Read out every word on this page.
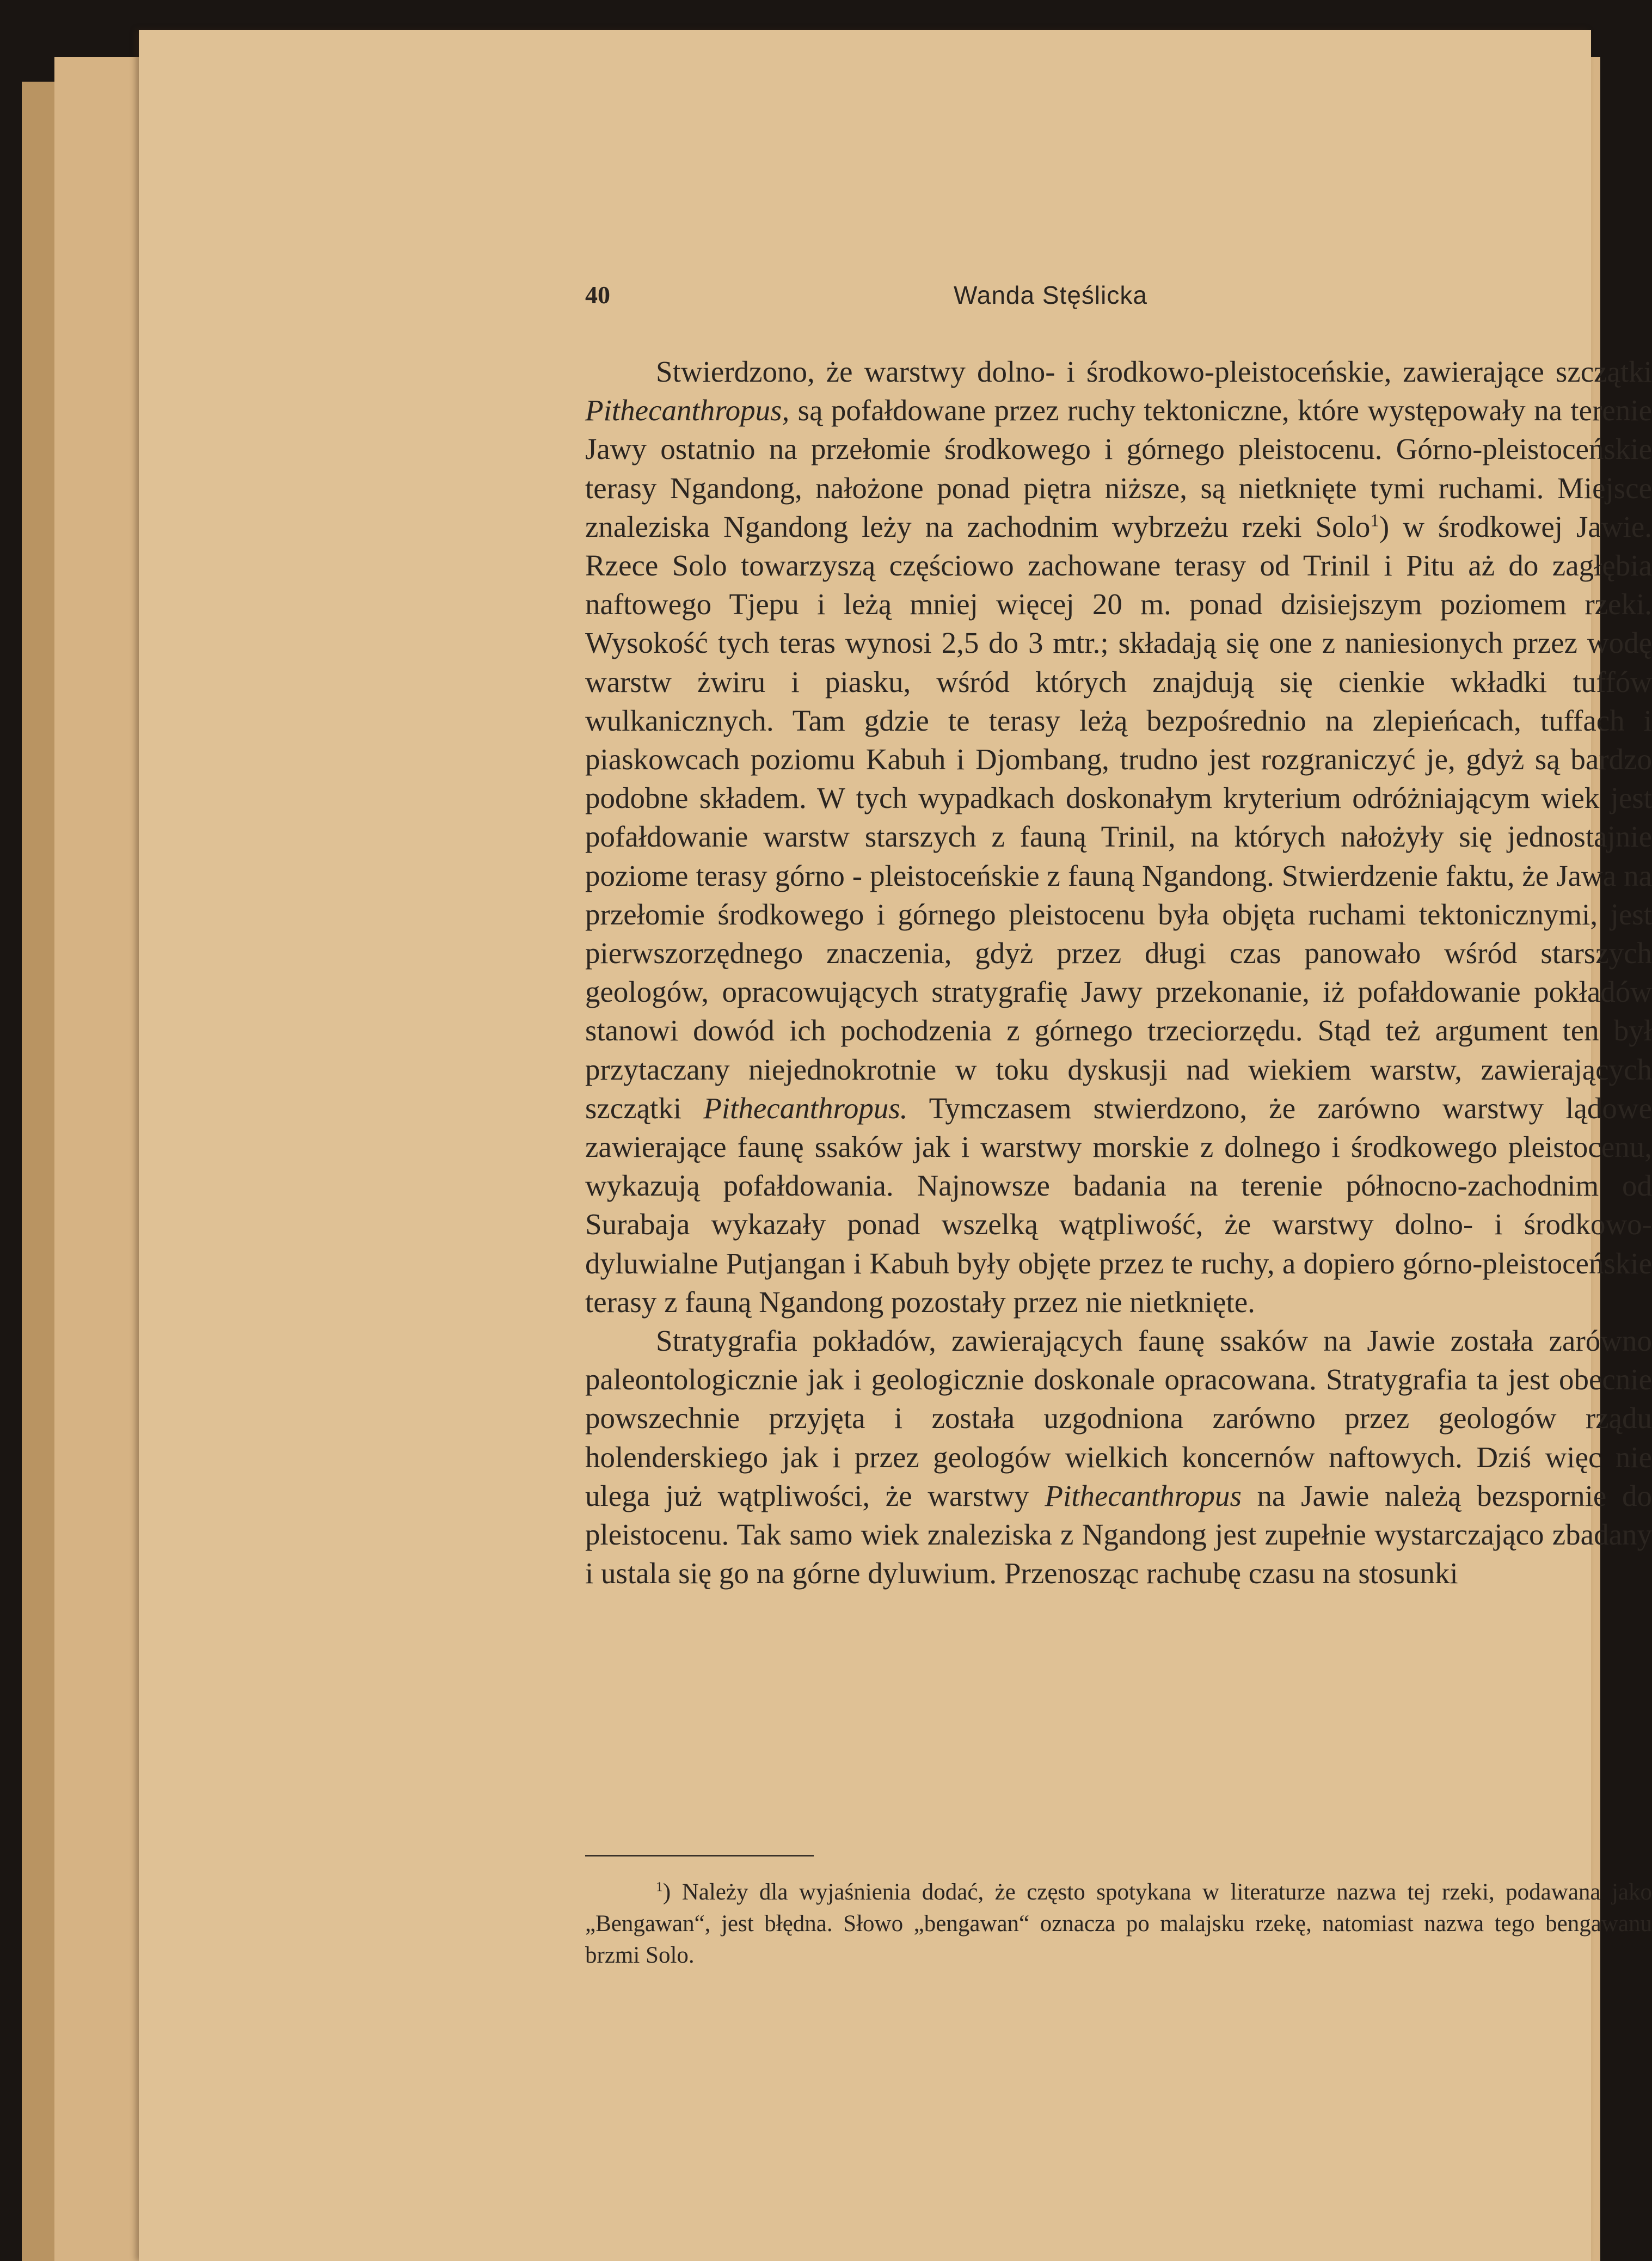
40	Wanda Stęślicka

Stwierdzono, że warstwy dolno- i środkowo-pleistoceńskie, zawierające szczątki Pithecanthropus, są pofałdowane przez ruchy tektoniczne, które występowały na terenie Jawy ostatnio na przełomie środkowego i górnego pleistocenu. Górno-pleistoceńskie terasy Ngandong, nałożone ponad piętra niższe, są nietknięte tymi ruchami. Miejsce znaleziska Ngandong leży na zachodnim wybrzeżu rzeki Solo$^1$) w środkowej Jawie. Rzece Solo towarzyszą częściowo zachowane terasy od Trinil i Pitu aż do zagłębia naftowego Tjepu i leżą mniej więcej 20 m. ponad dzisiejszym poziomem rzeki. Wysokość tych teras wynosi 2,5 do 3 mtr.; składają się one z naniesionych przez wodę warstw żwiru i piasku, wśród których znajdują się cienkie wkładki tuffów wulkanicznych. Tam gdzie te terasy leżą bezpośrednio na zlepieńcach, tuffach i piaskowcach poziomu Kabuh i Djombang, trudno jest rozgraniczyć je, gdyż są bardzo podobne składem. W tych wypadkach doskonałym kryterium odróżniającym wiek jest pofałdowanie warstw starszych z fauną Trinil, na których nałożyły się jednostajnie poziome terasy górno - pleistoceńskie z fauną Ngandong. Stwierdzenie faktu, że Jawa na przełomie środkowego i górnego pleistocenu była objęta ruchami tektonicznymi, jest pierwszorzędnego znaczenia, gdyż przez długi czas panowało wśród starszych geologów, opracowujących stratygrafię Jawy przekonanie, iż pofałdowanie pokładów stanowi dowód ich pochodzenia z górnego trzeciorzędu. Stąd też argument ten był przytaczany niejednokrotnie w toku dyskusji nad wiekiem warstw, zawierających szczątki Pithecanthropus. Tymczasem stwierdzono, że zarówno warstwy lądowe zawierające faunę ssaków jak i warstwy morskie z dolnego i środkowego pleistocenu, wykazują pofałdowania. Najnowsze badania na terenie północno-zachodnim od Surabaja wykazały ponad wszelką wątpliwość, że warstwy dolno- i środkowo-dyluwialne Putjangan i Kabuh były objęte przez te ruchy, a dopiero górno-pleistoceńskie terasy z fauną Ngandong pozostały przez nie nietknięte.

Stratygrafia pokładów, zawierających faunę ssaków na Jawie została zarówno paleontologicznie jak i geologicznie doskonale opracowana. Stratygrafia ta jest obecnie powszechnie przyjęta i została uzgodniona zarówno przez geologów rządu holenderskiego jak i przez geologów wielkich koncernów naftowych. Dziś więc nie ulega już wątpliwości, że warstwy Pithecanthropus na Jawie należą bezspornie do pleistocenu. Tak samo wiek znaleziska z Ngandong jest zupełnie wystarczająco zbadany i ustala się go na górne dyluwium. Przenosząc rachubę czasu na stosunki

$^1$) Należy dla wyjaśnienia dodać, że często spotykana w literaturze nazwa tej rzeki, podawana jako „Bengawan“, jest błędna. Słowo „bengawan“ oznacza po malajsku rzekę, natomiast nazwa tego bengawanu brzmi Solo.
